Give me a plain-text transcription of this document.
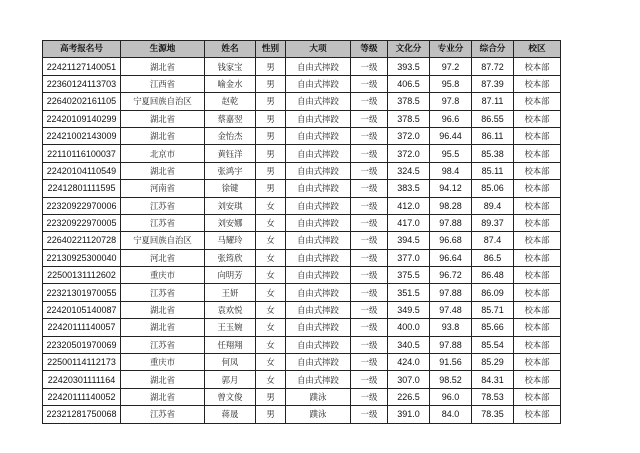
高考报名号	生源地	姓名	性别	大项	等级	文化分	专业分	综合分	校区
22421127140051	湖北省	钱家宝	男	自由式摔跤	一级	393.5	97.2	87.72	校本部
22360124113703	江西省	喻金水	男	自由式摔跤	一级	406.5	95.8	87.39	校本部
22640202161105	宁夏回族自治区	赵乾	男	自由式摔跤	一级	378.5	97.8	87.11	校本部
22420109140299	湖北省	蔡嘉翌	男	自由式摔跤	一级	378.5	96.6	86.55	校本部
22421002143009	湖北省	金怡杰	男	自由式摔跤	一级	372.0	96.44	86.11	校本部
22110116100037	北京市	黄钰洋	男	自由式摔跤	一级	372.0	95.5	85.38	校本部
22420104110549	湖北省	张鸿宇	男	自由式摔跤	一级	324.5	98.4	85.11	校本部
22412801111595	河南省	徐键	男	自由式摔跤	一级	383.5	94.12	85.06	校本部
22320922970006	江苏省	刘安琪	女	自由式摔跤	一级	412.0	98.28	89.4	校本部
22320922970005	江苏省	刘安娜	女	自由式摔跤	一级	417.0	97.88	89.37	校本部
22640221120728	宁夏回族自治区	马耀玲	女	自由式摔跤	一级	394.5	96.68	87.4	校本部
22130925300040	河北省	张筠欣	女	自由式摔跤	一级	377.0	96.64	86.5	校本部
22500131112602	重庆市	向明芳	女	自由式摔跤	一级	375.5	96.72	86.48	校本部
22321301970055	江苏省	王妍	女	自由式摔跤	一级	351.5	97.88	86.09	校本部
22420105140087	湖北省	袁欢悦	女	自由式摔跤	一级	349.5	97.48	85.71	校本部
22420111140057	湖北省	王玉婉	女	自由式摔跤	一级	400.0	93.8	85.66	校本部
22320501970069	江苏省	任翔翔	女	自由式摔跤	一级	340.5	97.88	85.54	校本部
22500114112173	重庆市	何凤	女	自由式摔跤	一级	424.0	91.56	85.29	校本部
22420301111164	湖北省	郭月	女	自由式摔跤	一级	307.0	98.52	84.31	校本部
22420111140052	湖北省	曾文俊	男	蹼泳	一级	226.5	96.0	78.53	校本部
22321281750068	江苏省	蒋晟	男	蹼泳	一级	391.0	84.0	78.35	校本部
